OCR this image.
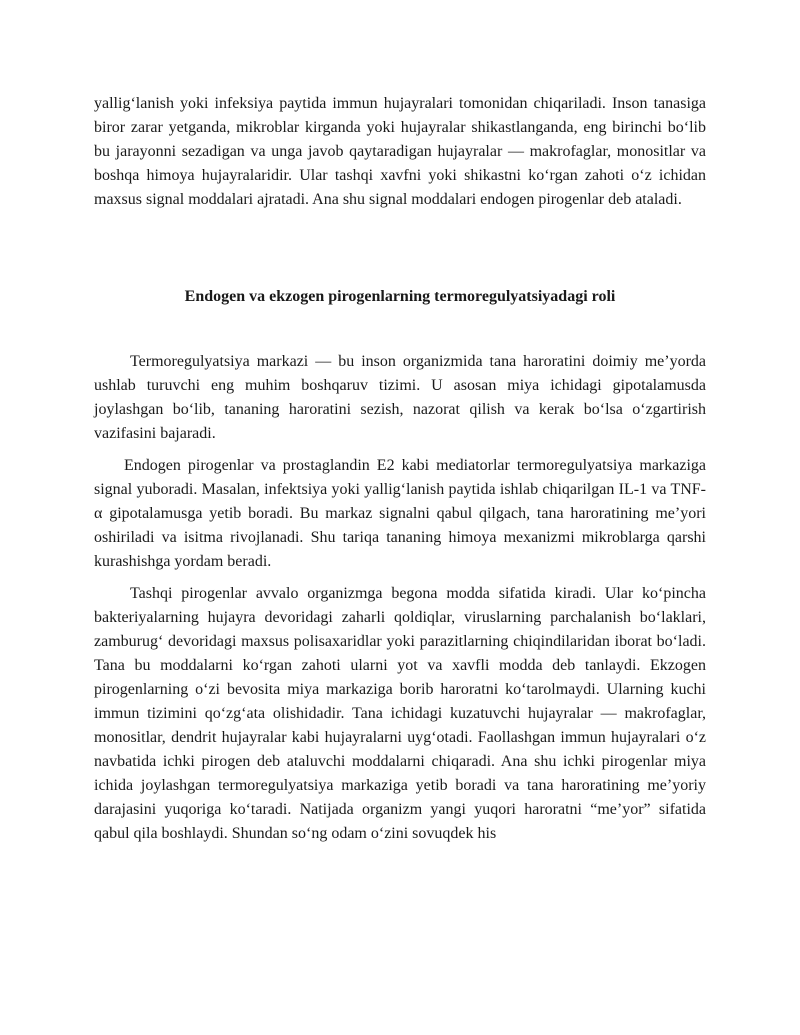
yallig‘lanish yoki infeksiya paytida immun hujayralari tomonidan chiqariladi. Inson tanasiga biror zarar yetganda, mikroblar kirganda yoki hujayralar shikastlanganda, eng birinchi bo‘lib bu jarayonni sezadigan va unga javob qaytaradigan hujayralar — makrofaglar, monositlar va boshqa himoya hujayralaridir. Ular tashqi xavfni yoki shikastni ko‘rgan zahoti o‘z ichidan maxsus signal moddalari ajratadi. Ana shu signal moddalari endogen pirogenlar deb ataladi.

Endogen va ekzogen pirogenlarning termoregulyatsiyadagi roli

Termoregulyatsiya markazi — bu inson organizmida tana haroratini doimiy me’yorda ushlab turuvchi eng muhim boshqaruv tizimi. U asosan miya ichidagi gipotalamusda joylashgan bo‘lib, tananing haroratini sezish, nazorat qilish va kerak bo‘lsa o‘zgartirish vazifasini bajaradi.

Endogen pirogenlar va prostaglandin E2 kabi mediatorlar termoregulyatsiya markaziga signal yuboradi. Masalan, infektsiya yoki yallig‘lanish paytida ishlab chiqarilgan IL-1 va TNF-α gipotalamusga yetib boradi. Bu markaz signalni qabul qilgach, tana haroratining me’yori oshiriladi va isitma rivojlanadi. Shu tariqa tananing himoya mexanizmi mikroblarga qarshi kurashishga yordam beradi.

Tashqi pirogenlar avvalo organizmga begona modda sifatida kiradi. Ular ko‘pincha bakteriyalarning hujayra devoridagi zaharli qoldiqlar, viruslarning parchalanish bo‘laklari, zamburug‘ devoridagi maxsus polisaxaridlar yoki parazitlarning chiqindilaridan iborat bo‘ladi. Tana bu moddalarni ko‘rgan zahoti ularni yot va xavfli modda deb tanlaydi. Ekzogen pirogenlarning o‘zi bevosita miya markaziga borib haroratni ko‘tarolmaydi. Ularning kuchi immun tizimini qo‘zg‘ata olishidadir. Tana ichidagi kuzatuvchi hujayralar — makrofaglar, monositlar, dendrit hujayralar kabi hujayralarni uyg‘otadi. Faollashgan immun hujayralari o‘z navbatida ichki pirogen deb ataluvchi moddalarni chiqaradi. Ana shu ichki pirogenlar miya ichida joylashgan termoregulyatsiya markaziga yetib boradi va tana haroratining me’yoriy darajasini yuqoriga ko‘taradi. Natijada organizm yangi yuqori haroratni “me’yor” sifatida qabul qila boshlaydi. Shundan so‘ng odam o‘zini sovuqdek his
